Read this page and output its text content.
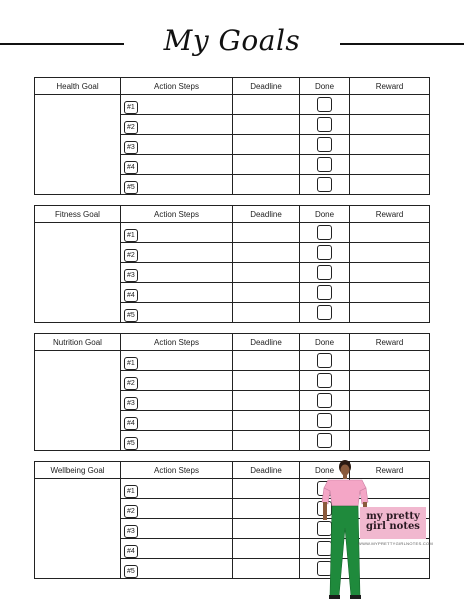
My Goals
Health Goal	Action Steps	Deadline	Done	Reward
	#1			
	#2			
	#3			
	#4			
	#5			
Fitness Goal	Action Steps	Deadline	Done	Reward
	#1			
	#2			
	#3			
	#4			
	#5			
Nutrition Goal	Action Steps	Deadline	Done	Reward
	#1			
	#2			
	#3			
	#4			
	#5			
Wellbeing Goal	Action Steps	Deadline	Done	Reward
	#1			
	#2			
	#3			
	#4			
	#5			
my pretty girl notes
WWW.MYPRETTYGIRLNOTES.COM
